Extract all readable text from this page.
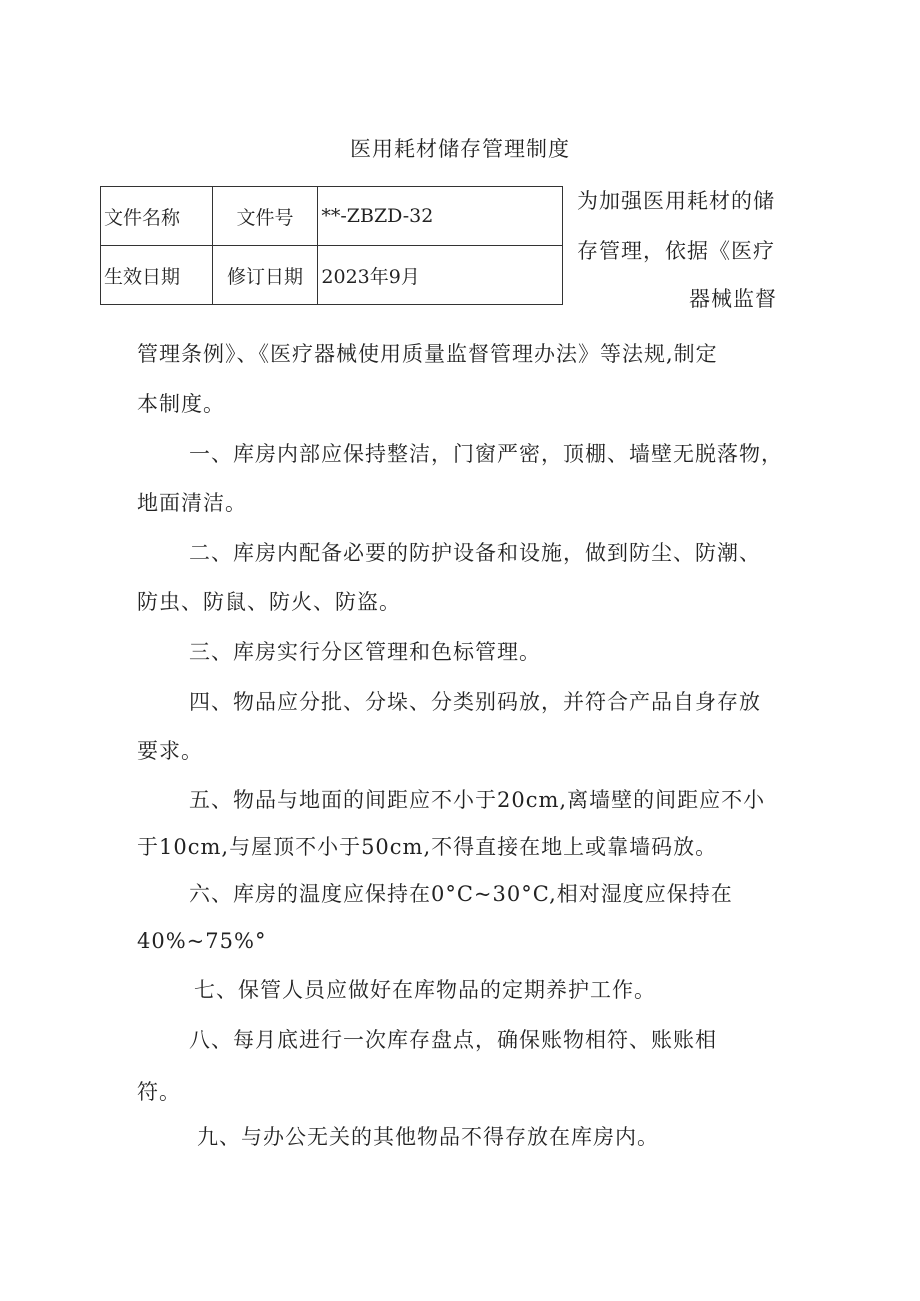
医用耗材储存管理制度
文件名称	文件号	**-ZBZD-32
生效日期	修订日期	2023年9月
为加强医用耗材的储
存管理，依据《医疗
器械监督
管理条例》、《医疗器械使用质量监督管理办法》等法规,制定
本制度。
一、库房内部应保持整洁，门窗严密，顶棚、墙壁无脱落物，
地面清洁。
二、库房内配备必要的防护设备和设施，做到防尘、防潮、
防虫、防鼠、防火、防盗。
三、库房实行分区管理和色标管理。
四、物品应分批、分垛、分类别码放，并符合产品自身存放
要求。
五、物品与地面的间距应不小于20cm,离墙壁的间距应不小
于10cm,与屋顶不小于50cm,不得直接在地上或靠墙码放。
六、库房的温度应保持在0°C~30°C,相对湿度应保持在
40%~75%°
七、保管人员应做好在库物品的定期养护工作。
八、每月底进行一次库存盘点，确保账物相符、账账相
符。
九、与办公无关的其他物品不得存放在库房内。
